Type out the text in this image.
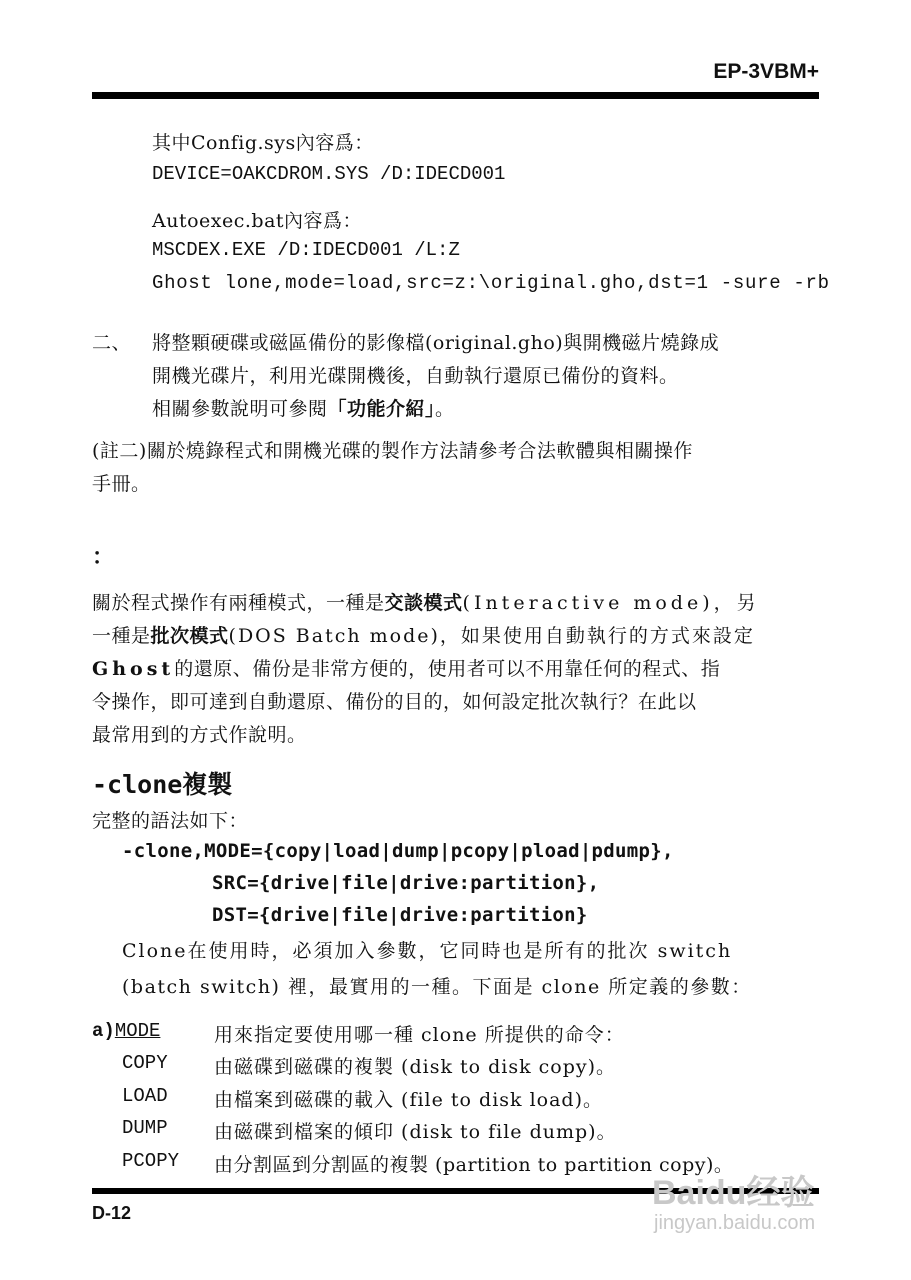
EP-3VBM+
其中Config.sys內容爲：
DEVICE=OAKCDROM.SYS /D:IDECD001
Autoexec.bat內容爲：
MSCDEX.EXE /D:IDECD001 /L:Z
Ghost lone,mode=load,src=z:\original.gho,dst=1 -sure -rb
二、 將整顆硬碟或磁區備份的影像檔(original.gho)與開機磁片燒錄成
開機光碟片，利用光碟開機後，自動執行還原已備份的資料。
相關參數說明可參閱「功能介紹」。
(註二)關於燒錄程式和開機光碟的製作方法請參考合法軟體與相關操作
手冊。
：
關於程式操作有兩種模式，一種是交談模式(Interactive mode)，另
一種是批次模式(DOS Batch mode)，如果使用自動執行的方式來設定
Ghost的還原、備份是非常方便的，使用者可以不用靠任何的程式、指
令操作，即可達到自動還原、備份的目的，如何設定批次執行？在此以
最常用到的方式作說明。
-clone複製
完整的語法如下：
-clone,MODE={copy|load|dump|pcopy|pload|pdump},
SRC={drive|file|drive:partition},
DST={drive|file|drive:partition}
Clone在使用時，必須加入參數，它同時也是所有的批次 switch
(batch switch) 裡，最實用的一種。下面是 clone 所定義的參數：
a)MODE	用來指定要使用哪一種 clone 所提供的命令：
COPY 由磁碟到磁碟的複製 (disk to disk copy)。
LOAD 由檔案到磁碟的載入 (file to disk load)。
DUMP 由磁碟到檔案的傾印 (disk to file dump)。
PCOPY 由分割區到分割區的複製 (partition to partition copy)。
D-12
Baidu经验
jingyan.baidu.com
